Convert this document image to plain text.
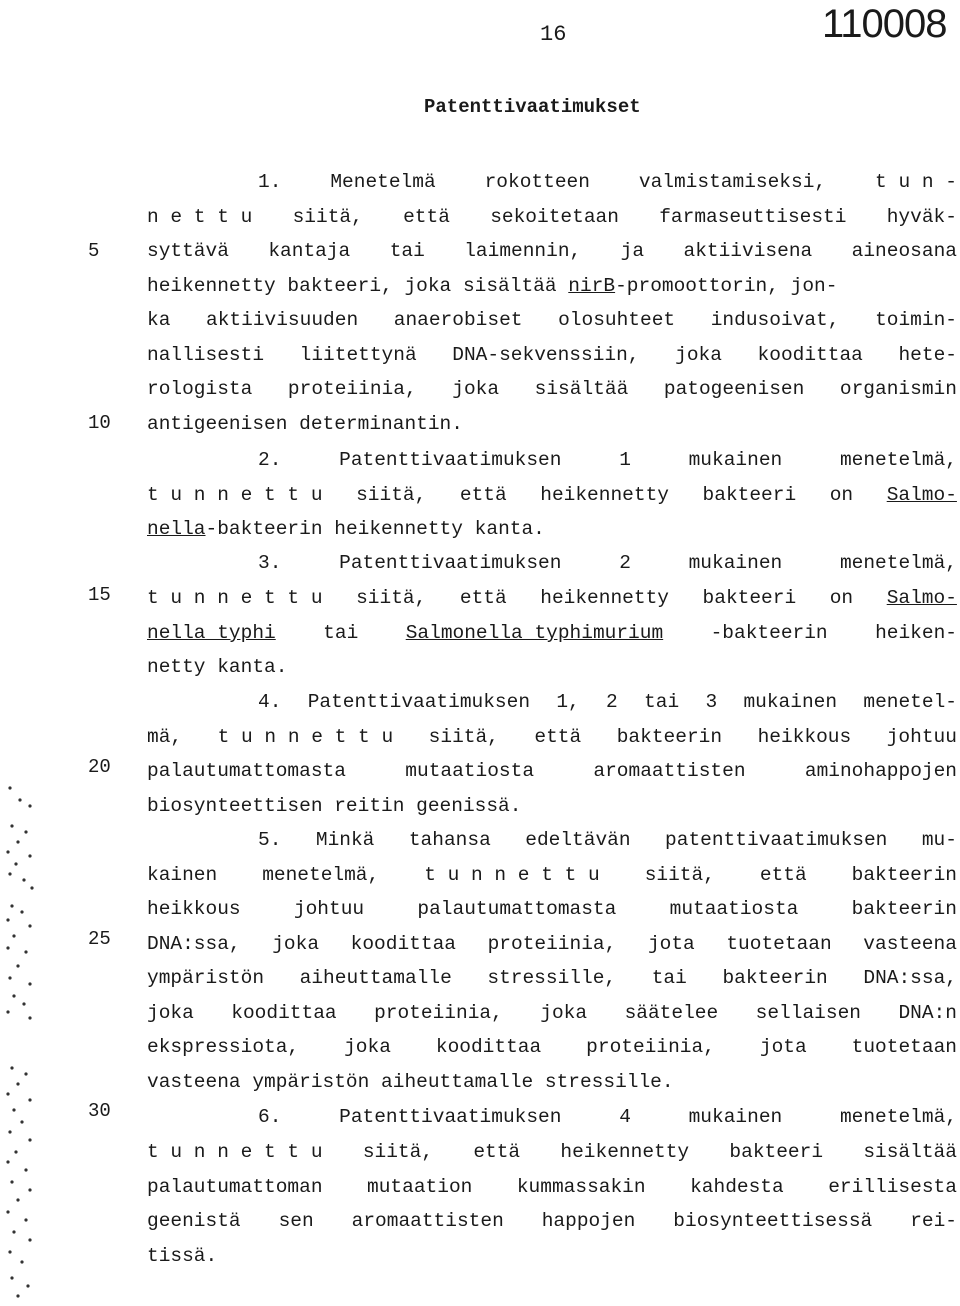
16	110008
Patenttivaatimukset
5
10
15
20
25
30
1.	Menetelmä	rokotteen	valmistamiseksi,	t u n -
n e t t u siitä, että sekoitetaan farmaseuttisesti hyväk-
syttävä kantaja tai laimennin, ja aktiivisena aineosana
heikennetty bakteeri, joka sisältää nirB-promoottorin, jon-
ka aktiivisuuden anaerobiset olosuhteet indusoivat, toimin-
nallisesti liitettynä DNA-sekvenssiin, joka koodittaa hete-
rologista proteiinia, joka sisältää patogeenisen organismin
antigeenisen determinantin.
2.	Patenttivaatimuksen	1	mukainen	menetelmä,
t u n n e t t u siitä, että heikennetty bakteeri on Salmo-
nella-bakteerin heikennetty kanta.
3.	Patenttivaatimuksen	2	mukainen	menetelmä,
t u n n e t t u siitä, että heikennetty bakteeri on Salmo-
nella typhi tai Salmonella typhimurium -bakteerin heiken-
netty kanta.
4. Patenttivaatimuksen 1, 2 tai 3 mukainen menetel-
mä, t u n n e t t u siitä, että bakteerin heikkous johtuu
palautumattomasta	mutaatiosta	aromaattisten	aminohappojen
biosynteettisen reitin geenissä.
5. Minkä tahansa edeltävän patenttivaatimuksen mu-
kainen menetelmä, t u n n e t t u siitä, että bakteerin
heikkous	johtuu	palautumattomasta	mutaatiosta	bakteerin
DNA:ssa, joka koodittaa proteiinia, jota tuotetaan vasteena
ympäristön aiheuttamalle stressille, tai bakteerin DNA:ssa,
joka koodittaa proteiinia, joka säätelee sellaisen DNA:n
ekspressiota, joka koodittaa proteiinia, jota tuotetaan
vasteena ympäristön aiheuttamalle stressille.
6.	Patenttivaatimuksen	4	mukainen	menetelmä,
t u n n e t t u siitä, että heikennetty bakteeri sisältää
palautumattoman mutaation kummassakin kahdesta erillisesta
geenistä sen aromaattisten happojen biosynteettisessä rei-
tissä.
